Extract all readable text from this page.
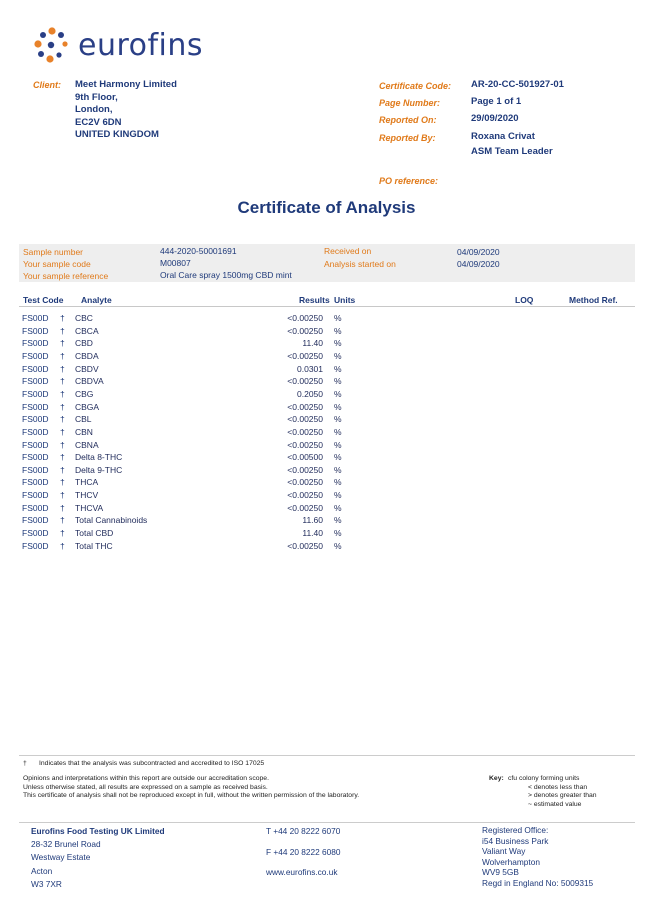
eurofins
Client: Meet Harmony Limited
9th Floor,
London,
EC2V 6DN
UNITED KINGDOM
Certificate Code: AR-20-CC-501927-01
Page Number:	Page 1 of 1
Reported On:	29/09/2020
Reported By:	Roxana Crivat
ASM Team Leader
PO reference:
Certificate of Analysis
Sample number	444-2020-50001691
Your sample code	M00807
Your sample reference	Oral Care spray 1500mg CBD mint
Received on	04/09/2020
Analysis started on	04/09/2020
Test Code Analyte	Results Units	LOQ	Method Ref.
FS00D † CBC	<0.00250 %
FS00D † CBCA	<0.00250 %
FS00D † CBD	11.40 %
FS00D † CBDA	<0.00250 %
FS00D † CBDV	0.0301 %
FS00D † CBDVA	<0.00250 %
FS00D † CBG	0.2050 %
FS00D † CBGA	<0.00250 %
FS00D † CBL	<0.00250 %
FS00D † CBN	<0.00250 %
FS00D † CBNA	<0.00250 %
FS00D † Delta 8-THC	<0.00500 %
FS00D † Delta 9-THC	<0.00250 %
FS00D † THCA	<0.00250 %
FS00D † THCV	<0.00250 %
FS00D † THCVA	<0.00250 %
FS00D † Total Cannabinoids	11.60 %
FS00D † Total CBD	11.40 %
FS00D † Total THC	<0.00250 %
† Indicates that the analysis was subcontracted and accredited to ISO 17025
Opinions and interpretations within this report are outside our accreditation scope.
Unless otherwise stated, all results are expressed on a sample as received basis.
This certificate of analysis shall not be reproduced except in full, without the written permission of the laboratory.
Key: cfu colony forming units
< denotes less than
> denotes greater than
~ estimated value
Eurofins Food Testing UK Limited
28-32 Brunel Road
Westway Estate
Acton
W3 7XR
T +44 20 8222 6070
F +44 20 8222 6080
www.eurofins.co.uk
Registered Office:
i54 Business Park
Valiant Way
Wolverhampton
WV9 5GB
Regd in England No: 5009315
